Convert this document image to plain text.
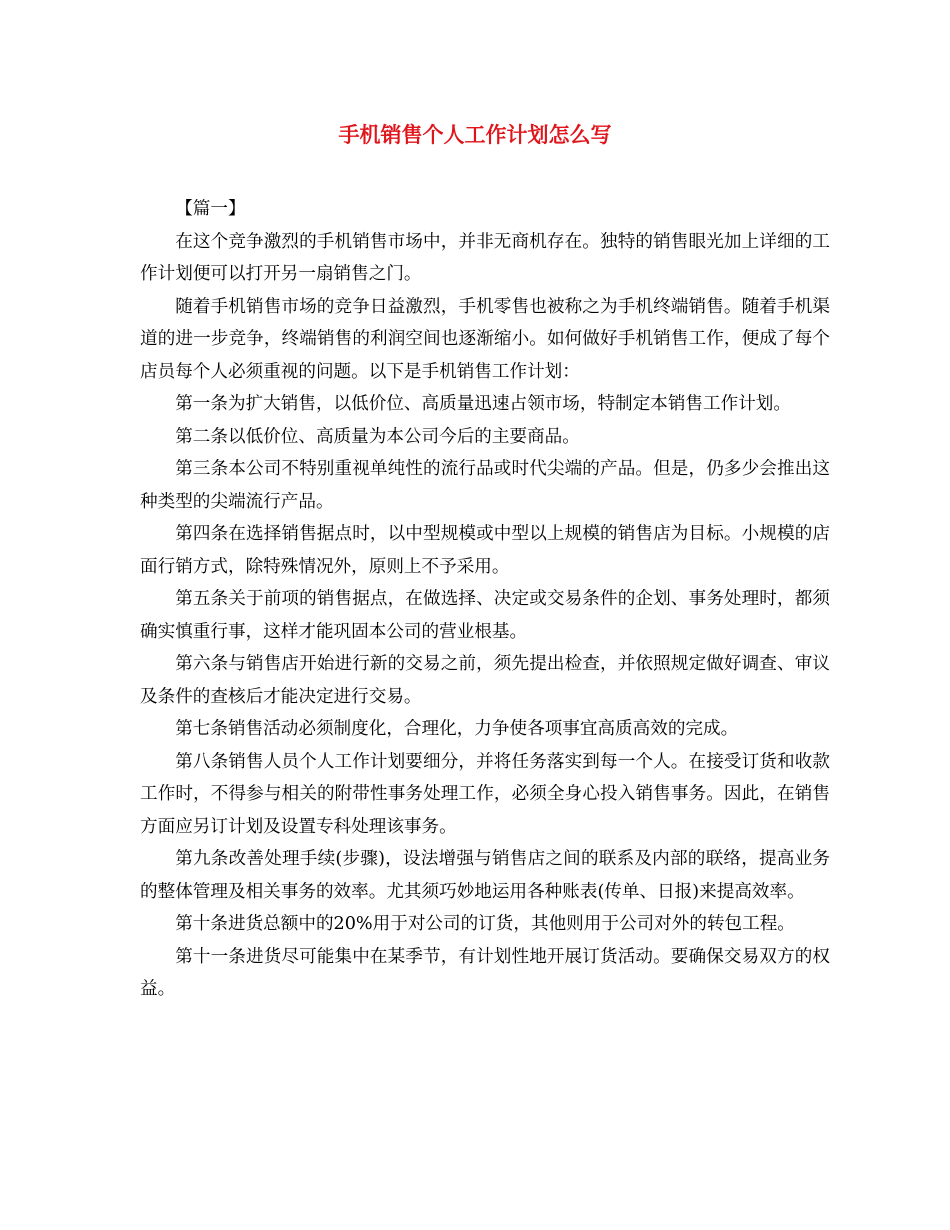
手机销售个人工作计划怎么写

【篇一】

在这个竞争激烈的手机销售市场中，并非无商机存在。独特的销售眼光加上详细的工作计划便可以打开另一扇销售之门。

随着手机销售市场的竞争日益激烈，手机零售也被称之为手机终端销售。随着手机渠道的进一步竞争，终端销售的利润空间也逐渐缩小。如何做好手机销售工作，便成了每个店员每个人必须重视的问题。以下是手机销售工作计划：

第一条为扩大销售，以低价位、高质量迅速占领市场，特制定本销售工作计划。

第二条以低价位、高质量为本公司今后的主要商品。

第三条本公司不特别重视单纯性的流行品或时代尖端的产品。但是，仍多少会推出这种类型的尖端流行产品。

第四条在选择销售据点时，以中型规模或中型以上规模的销售店为目标。小规模的店面行销方式，除特殊情况外，原则上不予采用。

第五条关于前项的销售据点，在做选择、决定或交易条件的企划、事务处理时，都须确实慎重行事，这样才能巩固本公司的营业根基。

第六条与销售店开始进行新的交易之前，须先提出检查，并依照规定做好调查、审议及条件的查核后才能决定进行交易。

第七条销售活动必须制度化，合理化，力争使各项事宜高质高效的完成。

第八条销售人员个人工作计划要细分，并将任务落实到每一个人。在接受订货和收款工作时，不得参与相关的附带性事务处理工作，必须全身心投入销售事务。因此，在销售方面应另订计划及设置专科处理该事务。

第九条改善处理手续(步骤)，设法增强与销售店之间的联系及内部的联络，提高业务的整体管理及相关事务的效率。尤其须巧妙地运用各种账表(传单、日报)来提高效率。

第十条进货总额中的20%用于对公司的订货，其他则用于公司对外的转包工程。

第十一条进货尽可能集中在某季节，有计划性地开展订货活动。要确保交易双方的权益。
